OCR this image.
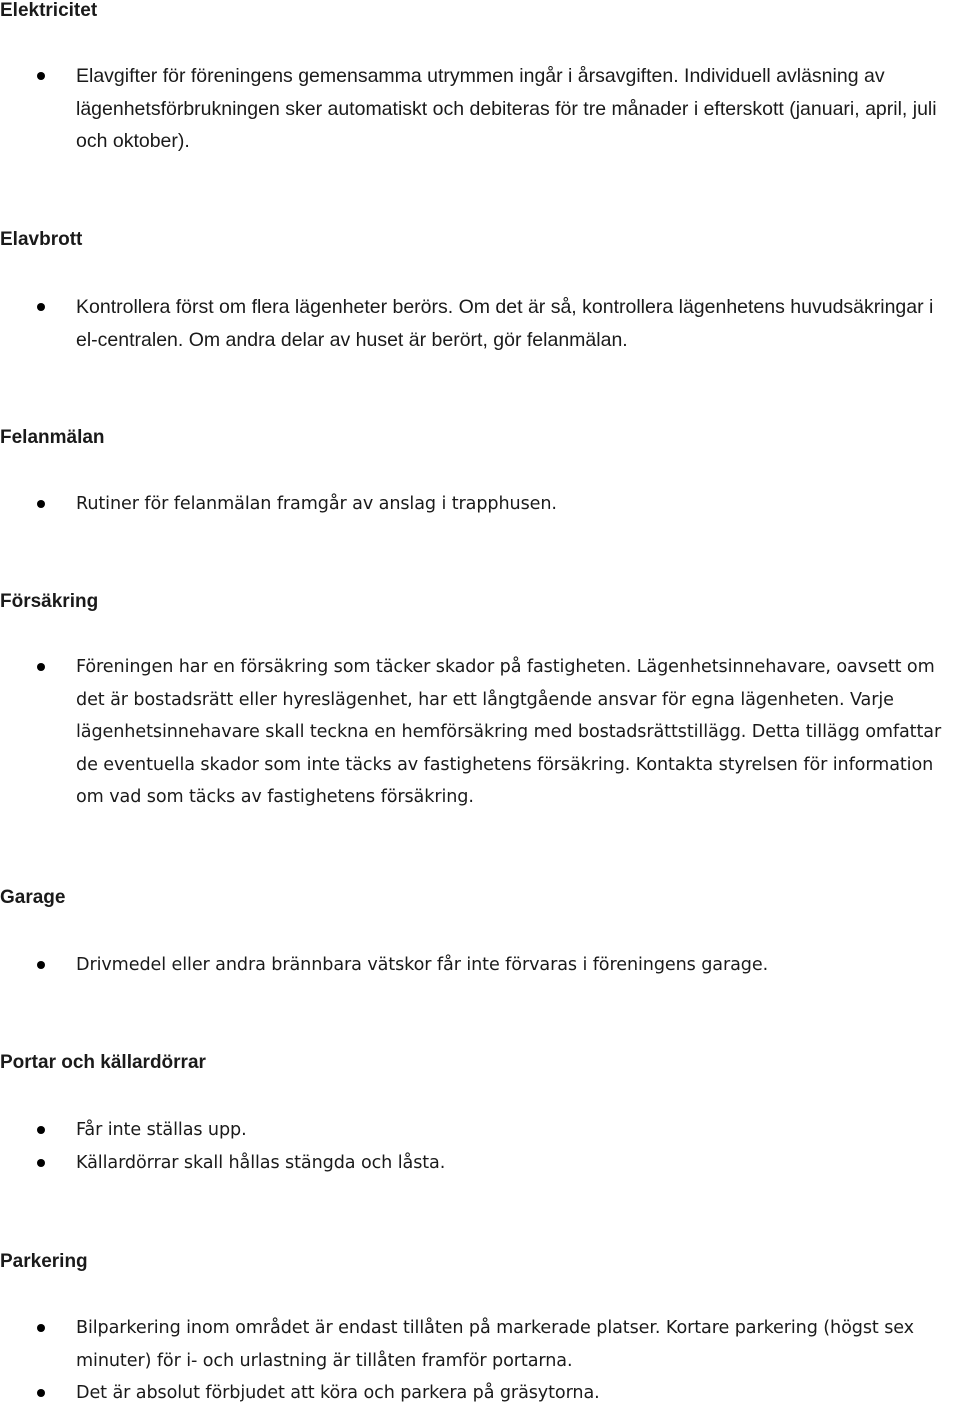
Elektricitet
Elavgifter för föreningens gemensamma utrymmen ingår i årsavgiften. Individuell avläsning av lägenhetsförbrukningen sker automatiskt och debiteras för tre månader i efterskott (januari, april, juli och oktober).
Elavbrott
Kontrollera först om flera lägenheter berörs. Om det är så, kontrollera lägenhetens huvudsäkringar i el-centralen. Om andra delar av huset är berört, gör felanmälan.
Felanmälan
Rutiner för felanmälan framgår av anslag i trapphusen.
Försäkring
Föreningen har en försäkring som täcker skador på fastigheten. Lägenhetsinnehavare, oavsett om det är bostadsrätt eller hyreslägenhet, har ett långtgående ansvar för egna lägenheten. Varje lägenhetsinnehavare skall teckna en hemförsäkring med bostadsrättstillägg. Detta tillägg omfattar de eventuella skador som inte täcks av fastighetens försäkring. Kontakta styrelsen för information om vad som täcks av fastighetens försäkring.
Garage
Drivmedel eller andra brännbara vätskor får inte förvaras i föreningens garage.
Portar och källardörrar
Får inte ställas upp.
Källardörrar skall hållas stängda och låsta.
Parkering
Bilparkering inom området är endast tillåten på markerade platser. Kortare parkering (högst sex minuter) för i- och urlastning är tillåten framför portarna.
Det är absolut förbjudet att köra och parkera på gräsytorna.
